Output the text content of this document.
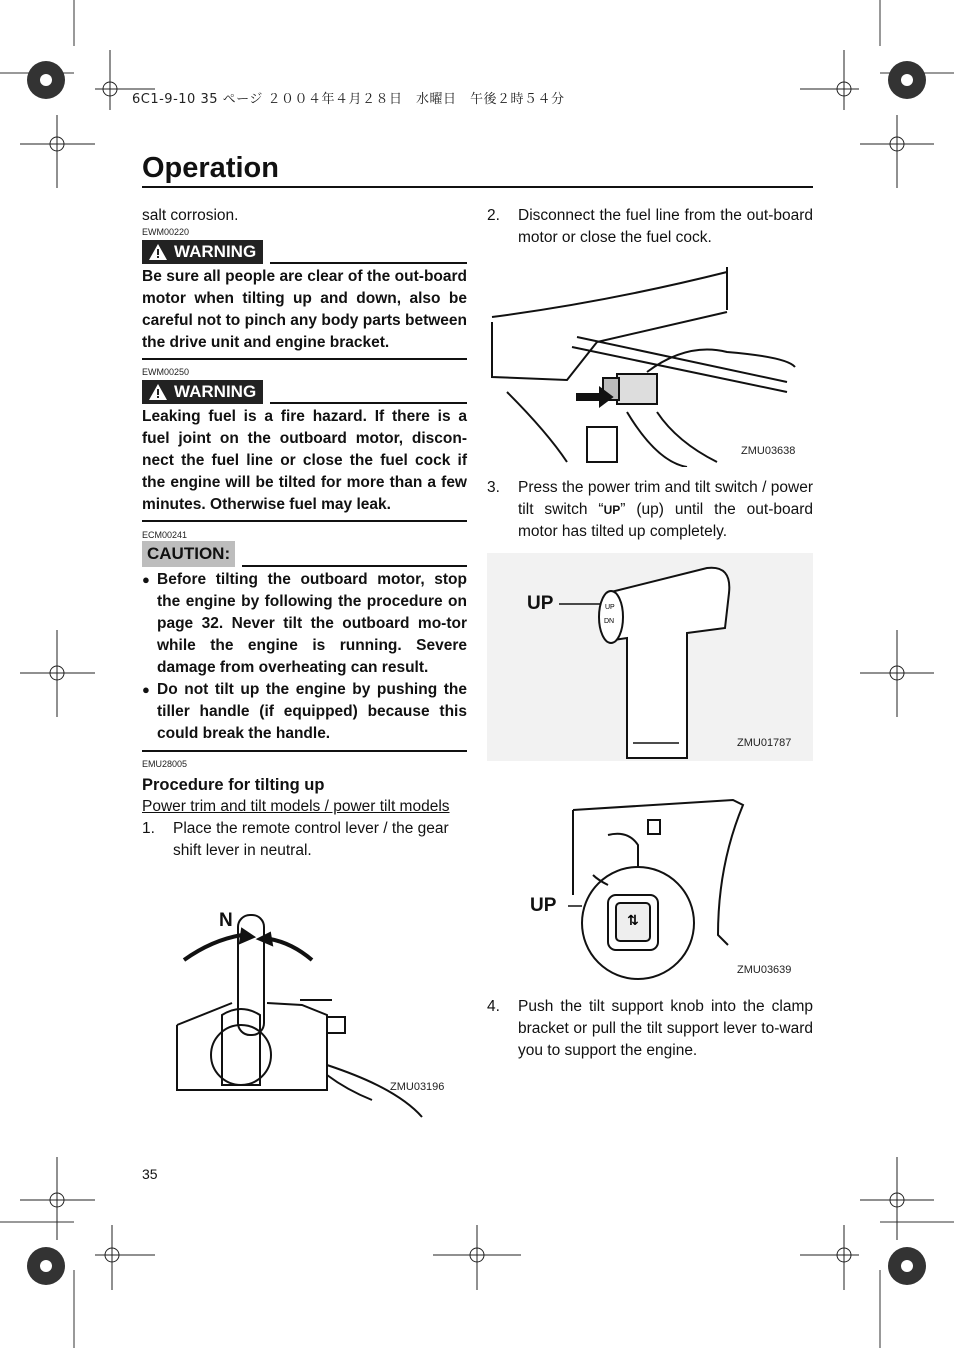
6C1-9-10 35 ページ ２００４年４月２８日　水曜日　午後２時５４分
Operation

salt corrosion.

EWM00220

WARNING

Be sure all people are clear of the out-board motor when tilting up and down, also be careful not to pinch any body parts between the drive unit and engine bracket.

EWM00250

WARNING

Leaking fuel is a fire hazard. If there is a fuel joint on the outboard motor, discon-nect the fuel line or close the fuel cock if the engine will be tilted for more than a few minutes. Otherwise fuel may leak.

ECM00241

CAUTION:
● Before tilting the outboard motor, stop the engine by following the procedure on page 32. Never tilt the outboard mo-tor while the engine is running. Severe damage from overheating can result.
● Do not tilt up the engine by pushing the tiller handle (if equipped) because this could break the handle.

EMU28005

Procedure for tilting up

Power trim and tilt models / power tilt models

1.	Place the remote control lever / the gear shift lever in neutral.
N
ZMU03196
2.	Disconnect the fuel line from the out-board motor or close the fuel cock.
ZMU03638
3.	Press the power trim and tilt switch / power tilt switch “UP” (up) until the out-board motor has tilted up completely.
UP
DN
UP
ZMU01787
⇅
UP
ZMU03639
4.	Push the tilt support knob into the clamp bracket or pull the tilt support lever to-ward you to support the engine.
35
